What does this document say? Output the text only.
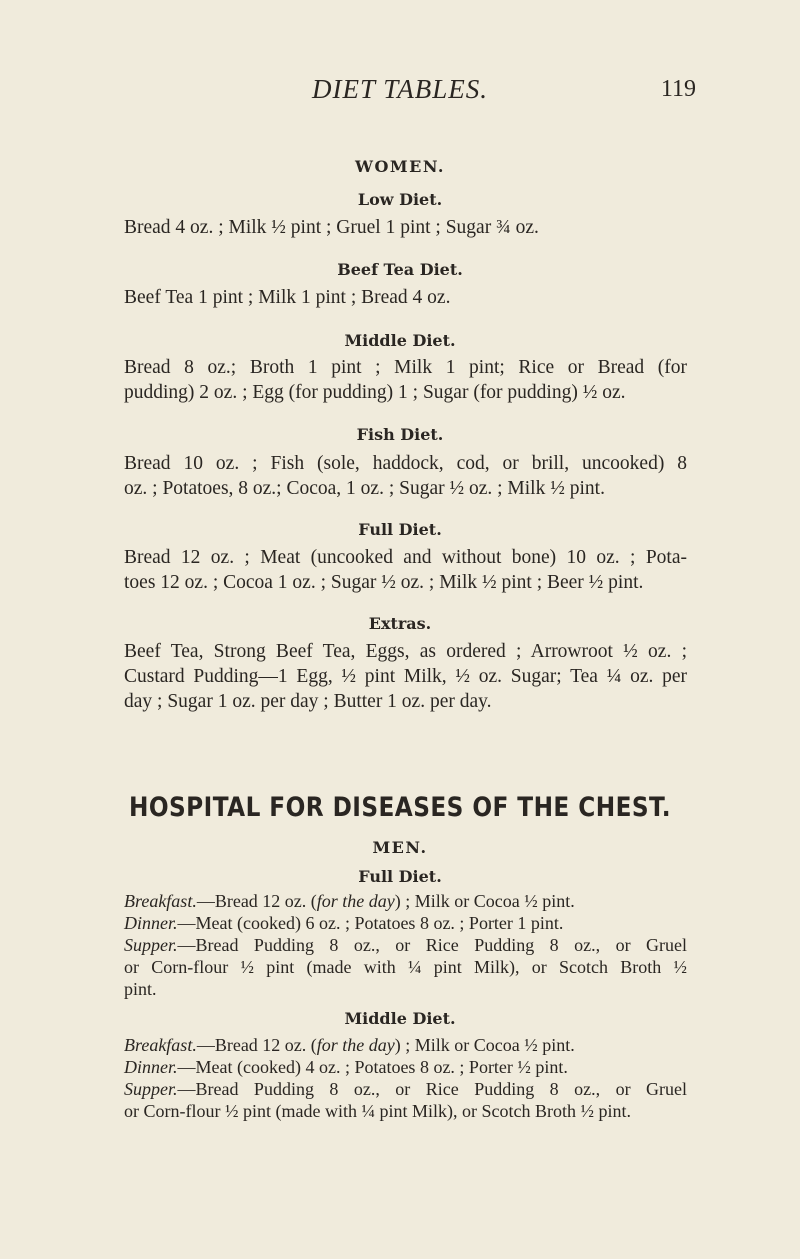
DIET TABLES.	119
WOMEN.
Low Diet.
Bread 4 oz. ; Milk ½ pint ; Gruel 1 pint ; Sugar ¾ oz.
Beef Tea Diet.
Beef Tea 1 pint ; Milk 1 pint ; Bread 4 oz.
Middle Diet.
Bread 8 oz.; Broth 1 pint ; Milk 1 pint; Rice or Bread (for
pudding) 2 oz. ; Egg (for pudding) 1 ; Sugar (for pudding) ½ oz.
Fish Diet.
Bread 10 oz. ; Fish (sole, haddock, cod, or brill, uncooked) 8
oz. ; Potatoes, 8 oz.; Cocoa, 1 oz. ; Sugar ½ oz. ; Milk ½ pint.
Full Diet.
Bread 12 oz. ; Meat (uncooked and without bone) 10 oz. ; Pota-
toes 12 oz. ; Cocoa 1 oz. ; Sugar ½ oz. ; Milk ½ pint ; Beer ½ pint.
Extras.
Beef Tea, Strong Beef Tea, Eggs, as ordered ; Arrowroot ½ oz. ;
Custard Pudding—1 Egg, ½ pint Milk, ½ oz. Sugar; Tea ¼ oz. per
day ; Sugar 1 oz. per day ; Butter 1 oz. per day.
HOSPITAL FOR DISEASES OF THE CHEST.
MEN.
Full Diet.
Breakfast.—Bread 12 oz. (for the day) ; Milk or Cocoa ½ pint.
Dinner.—Meat (cooked) 6 oz. ; Potatoes 8 oz. ; Porter 1 pint.
Supper.—Bread Pudding 8 oz., or Rice Pudding 8 oz., or Gruel
or Corn-flour ½ pint (made with ¼ pint Milk), or Scotch Broth ½
pint.
Middle Diet.
Breakfast.—Bread 12 oz. (for the day) ; Milk or Cocoa ½ pint.
Dinner.—Meat (cooked) 4 oz. ; Potatoes 8 oz. ; Porter ½ pint.
Supper.—Bread Pudding 8 oz., or Rice Pudding 8 oz., or Gruel
or Corn-flour ½ pint (made with ¼ pint Milk), or Scotch Broth ½ pint.
